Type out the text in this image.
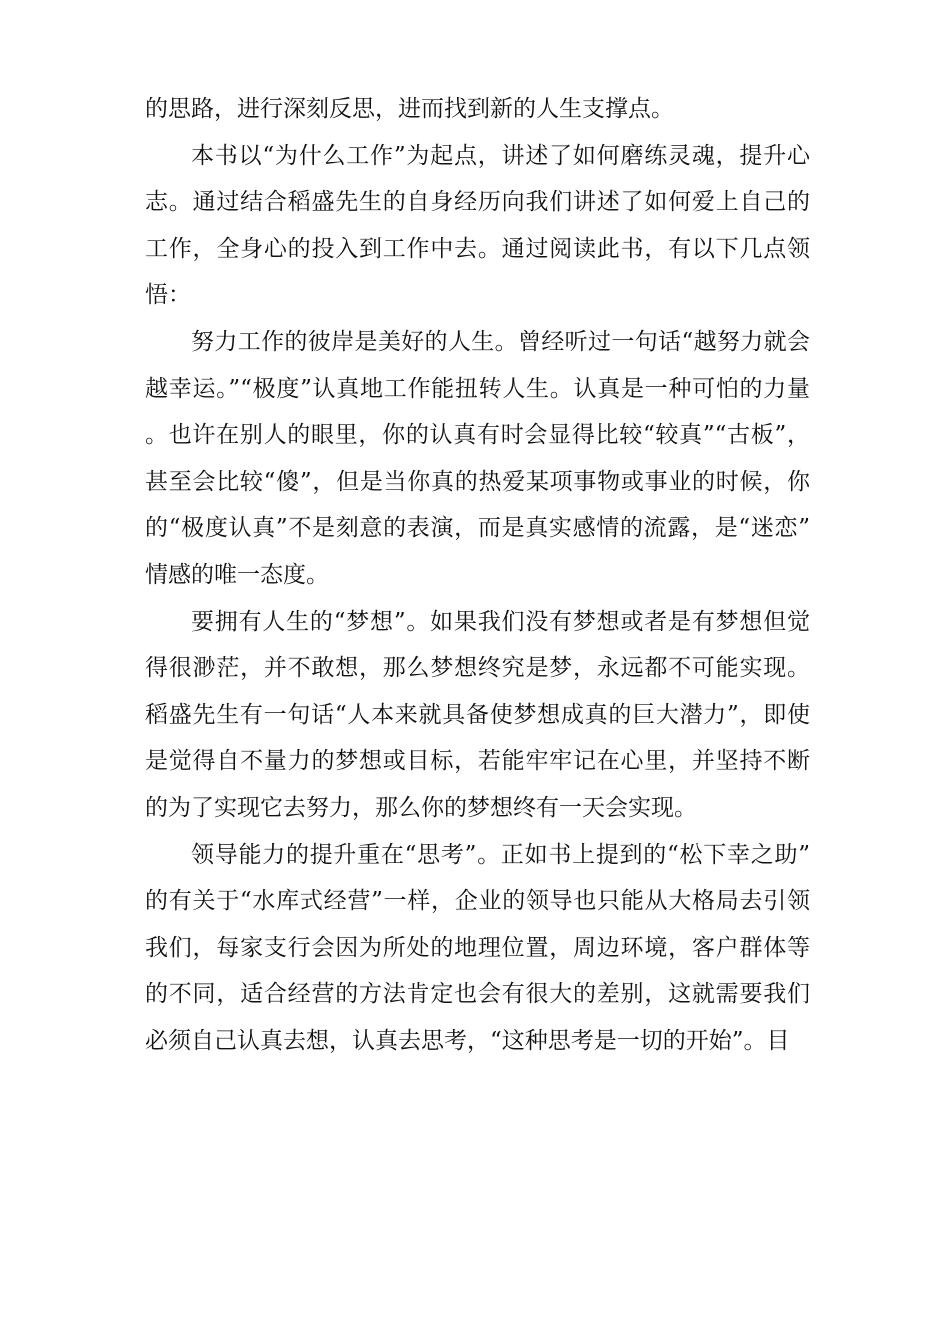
的思路，进行深刻反思，进而找到新的人生支撑点。

本书以“为什么工作”为起点，讲述了如何磨练灵魂，提升心志。通过结合稻盛先生的自身经历向我们讲述了如何爱上自己的工作，全身心的投入到工作中去。通过阅读此书，有以下几点领悟：

努力工作的彼岸是美好的人生。曾经听过一句话“越努力就会越幸运。”“极度”认真地工作能扭转人生。认真是一种可怕的力量。也许在别人的眼里，你的认真有时会显得比较“较真”“古板”，甚至会比较“傻”，但是当你真的热爱某项事物或事业的时候，你的“极度认真”不是刻意的表演，而是真实感情的流露，是“迷恋”情感的唯一态度。

要拥有人生的“梦想”。如果我们没有梦想或者是有梦想但觉得很渺茫，并不敢想，那么梦想终究是梦，永远都不可能实现。稻盛先生有一句话“人本来就具备使梦想成真的巨大潜力”，即使是觉得自不量力的梦想或目标，若能牢牢记在心里，并坚持不断的为了实现它去努力，那么你的梦想终有一天会实现。

领导能力的提升重在“思考”。正如书上提到的“松下幸之助”的有关于“水库式经营”一样，企业的领导也只能从大格局去引领我们，每家支行会因为所处的地理位置，周边环境，客户群体等的不同，适合经营的方法肯定也会有很大的差别，这就需要我们必须自己认真去想，认真去思考，“这种思考是一切的开始”。目
